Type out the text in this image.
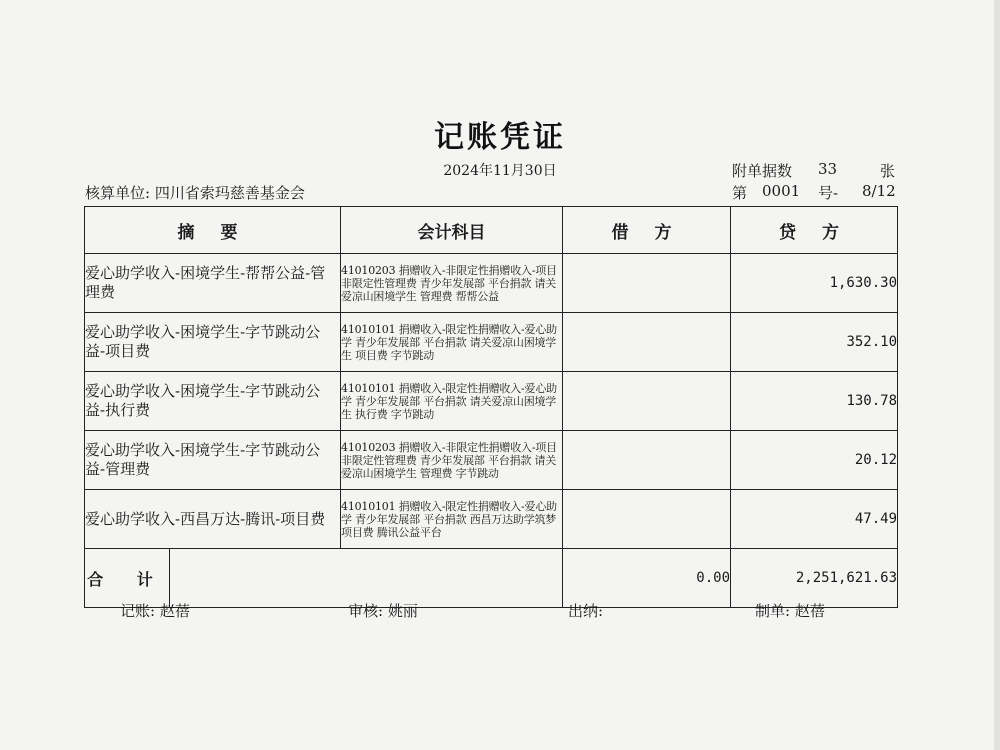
记账凭证
2024年11月30日	附单据数 33	张
核算单位: 四川省索玛慈善基金会	第 0001 号- 8/12
摘 要		会计科目	借 方	贷 方
爱心助学收入-困境学生-帮帮公益-管理费		41010203 捐赠收入-非限定性捐赠收入-项目非限定性管理费 青少年发展部 平台捐款 请关爱凉山困境学生 管理费 帮帮公益		1,630.30
爱心助学收入-困境学生-字节跳动公益-项目费		41010101 捐赠收入-限定性捐赠收入-爱心助学 青少年发展部 平台捐款 请关爱凉山困境学生 项目费 字节跳动		352.10
爱心助学收入-困境学生-字节跳动公益-执行费		41010101 捐赠收入-限定性捐赠收入-爱心助学 青少年发展部 平台捐款 请关爱凉山困境学生 执行费 字节跳动		130.78
爱心助学收入-困境学生-字节跳动公益-管理费		41010203 捐赠收入-非限定性捐赠收入-项目非限定性管理费 青少年发展部 平台捐款 请关爱凉山困境学生 管理费 字节跳动		20.12
爱心助学收入-西昌万达-腾讯-项目费		41010101 捐赠收入-限定性捐赠收入-爱心助学 青少年发展部 平台捐款 西昌万达助学筑梦 项目费 腾讯公益平台		47.49
合 计			0.00	2,251,621.63
记账: 赵蓓	审核: 姚丽	出纳:	制单: 赵蓓
